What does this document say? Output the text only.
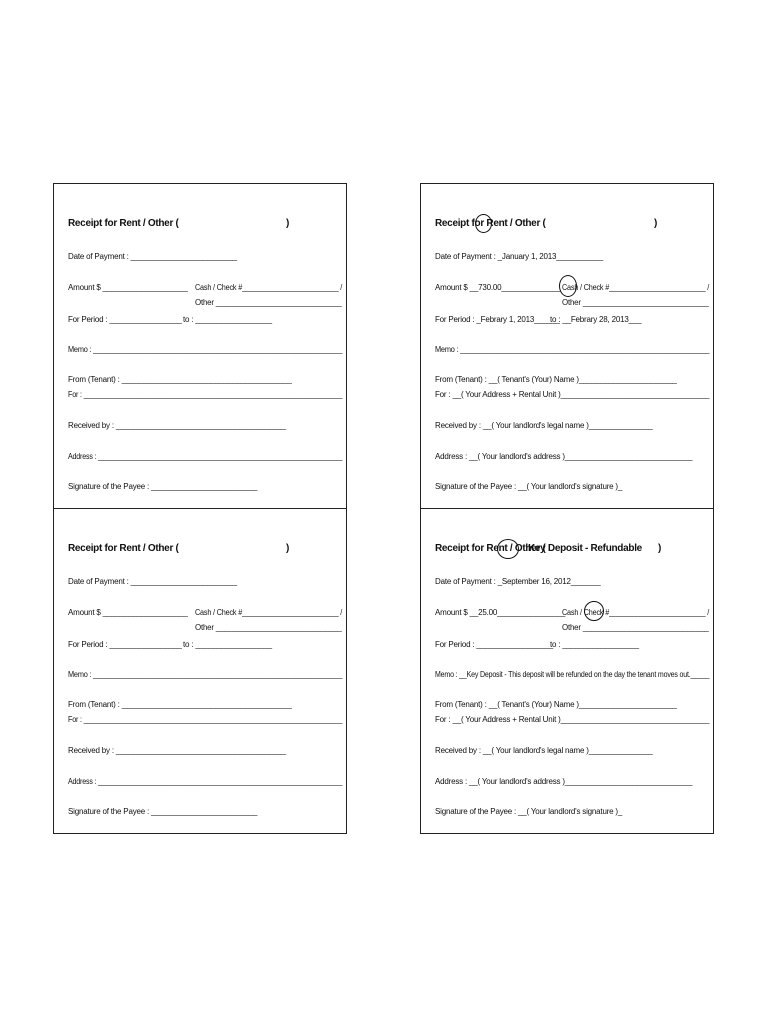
Receipt for Rent / Other (	)
Date of Payment : _________________________
Amount $ ____________________ Cash / Check #_________________________ /
Other ______________________________
For Period : _________________ to : __________________
Memo : ________________________________________________________________
From (Tenant) : ________________________________________
For : ____________________________________________________________________
Received by : ________________________________________
Address : _________________________________________________________________
Signature of the Payee : _________________________
Receipt for Rent / Other (	)
Date of Payment : _January 1, 2013___________
Amount $ __730.00______________ Cash / Check #_________________________ /
Other ______________________________
For Period : _Febrary 1, 2013______
to : __Febrary 28, 2013___
Memo : ________________________________________________________________
From (Tenant) : __( Tenant's (Your) Name )_______________________
For : __( Your Address + Rental Unit )___________________________________
Received by : __( Your landlord's legal name )_______________
Address : __( Your landlord's address )______________________________
Signature of the Payee : __( Your landlord's signature )_
Receipt for Rent / Other (	)
Date of Payment : _________________________
Amount $ ____________________ Cash / Check #_________________________ /
Other ______________________________
For Period : _________________ to : __________________
Memo : ________________________________________________________________
From (Tenant) : ________________________________________
For : ____________________________________________________________________
Received by : ________________________________________
Address : _________________________________________________________________
Signature of the Payee : _________________________
Receipt for Rent / Other (
Key Deposit - Refundable )
Date of Payment : _September 16, 2012_______
Amount $ __25.00________________
Cash / Check #_________________________ /
Other ______________________________
For Period : __________________
to : __________________
Memo : __Key Deposit - This deposit will be refunded on the day the tenant moves out._____
From (Tenant) : __( Tenant's (Your) Name )_______________________
For : __( Your Address + Rental Unit )___________________________________
Received by : __( Your landlord's legal name )_______________
Address : __( Your landlord's address )______________________________
Signature of the Payee : __( Your landlord's signature )_
